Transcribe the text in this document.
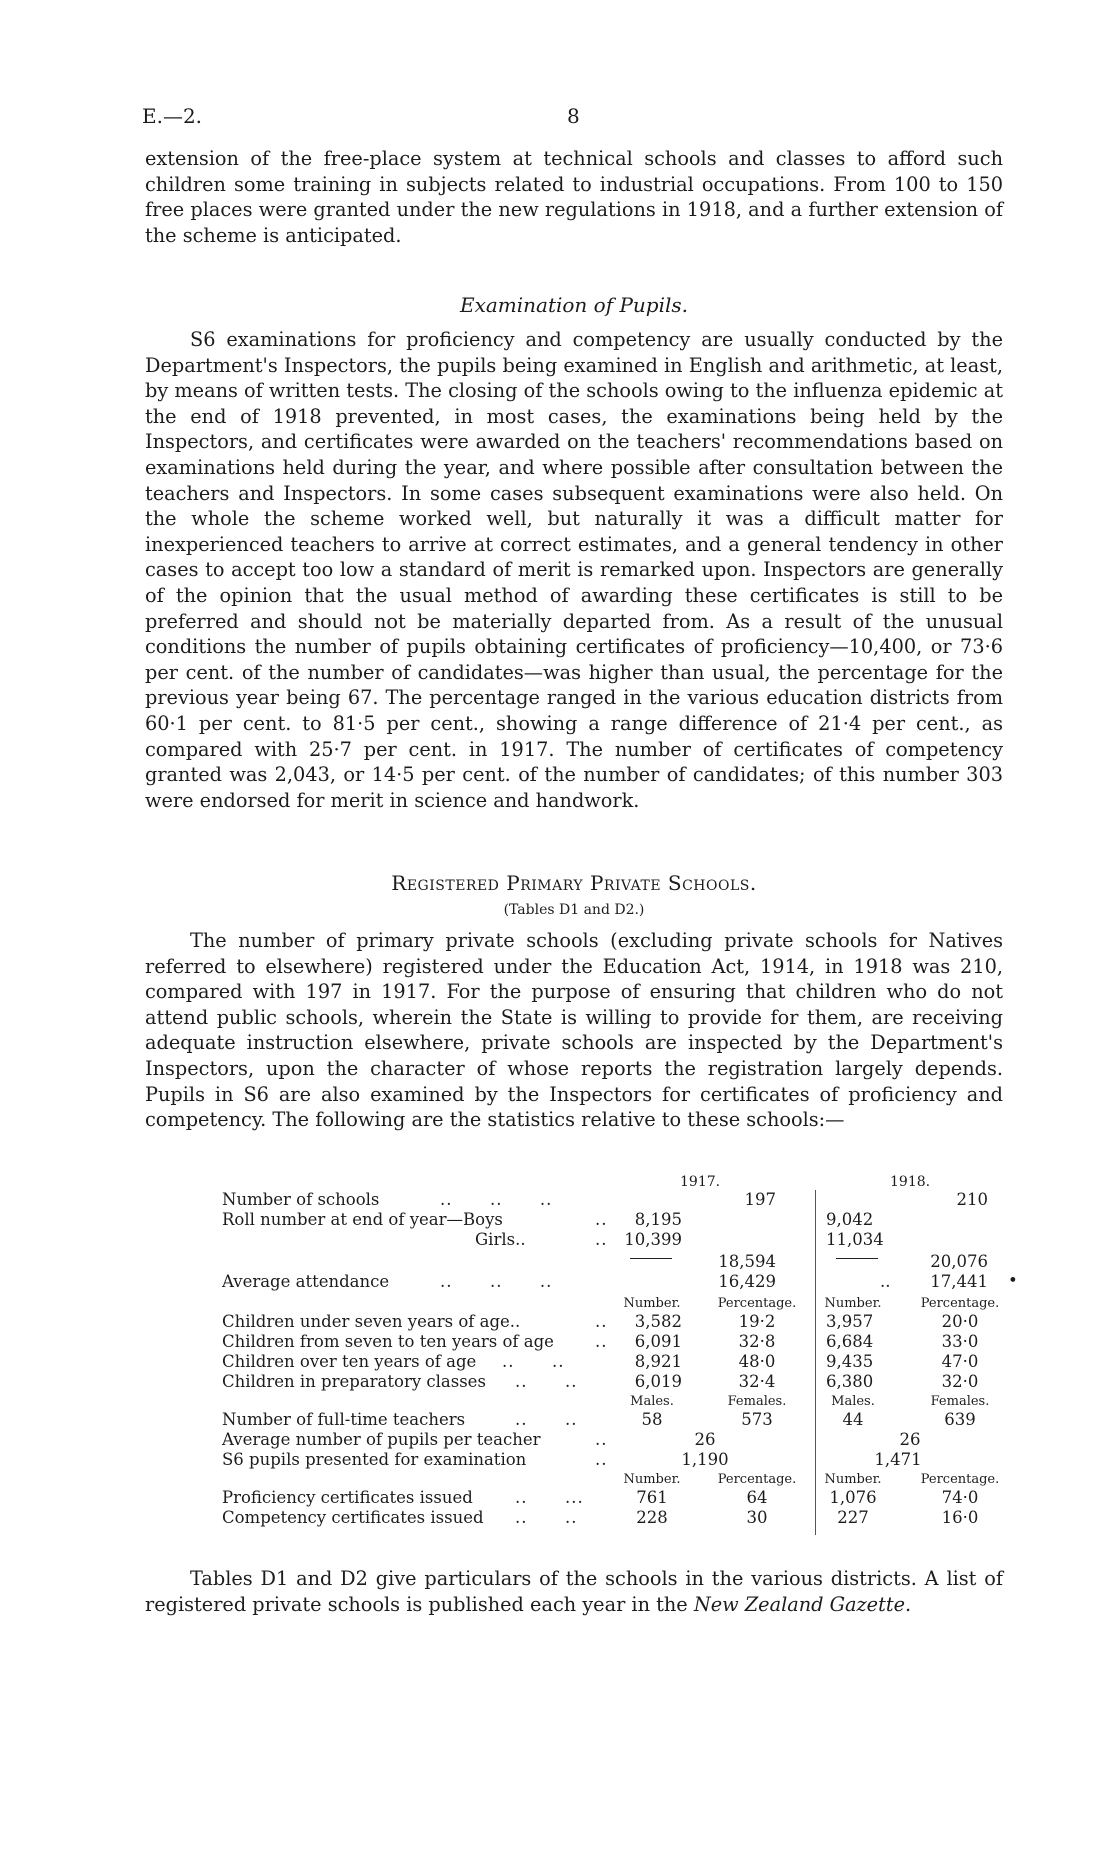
E.—2.	8

extension of the free-place system at technical schools and classes to afford such children some training in subjects related to industrial occupations. From 100 to 150 free places were granted under the new regulations in 1918, and a further extension of the scheme is anticipated.

Examination of Pupils.

S6 examinations for proficiency and competency are usually conducted by the Department's Inspectors, the pupils being examined in English and arithmetic, at least, by means of written tests. The closing of the schools owing to the influenza epidemic at the end of 1918 prevented, in most cases, the examinations being held by the Inspectors, and certificates were awarded on the teachers' recommendations based on examinations held during the year, and where possible after consultation between the teachers and Inspectors. In some cases subsequent examinations were also held. On the whole the scheme worked well, but naturally it was a difficult matter for inexperienced teachers to arrive at correct estimates, and a general tendency in other cases to accept too low a standard of merit is remarked upon. Inspectors are generally of the opinion that the usual method of awarding these certificates is still to be preferred and should not be materially departed from. As a result of the unusual conditions the number of pupils obtaining certificates of proficiency—10,400, or 73·6 per cent. of the number of candidates—was higher than usual, the percentage for the previous year being 67. The percentage ranged in the various education districts from 60·1 per cent. to 81·5 per cent., showing a range difference of 21·4 per cent., as compared with 25·7 per cent. in 1917. The number of certificates of competency granted was 2,043, or 14·5 per cent. of the number of candidates; of this number 303 were endorsed for merit in science and handwork.

Registered Primary Private Schools.
(Tables D1 and D2.)

The number of primary private schools (excluding private schools for Natives referred to elsewhere) registered under the Education Act, 1914, in 1918 was 210, compared with 197 in 1917. For the purpose of ensuring that children who do not attend public schools, wherein the State is willing to provide for them, are receiving adequate instruction elsewhere, private schools are inspected by the Department's Inspectors, upon the character of whose reports the registration largely depends. Pupils in S6 are also examined by the Inspectors for certificates of proficiency and competency. The following are the statistics relative to these schools:—

1917.	1918.
Number of schools	..      ..      ..	197	210
Roll number at end of year—Boys	..	8,195	9,042
Girls..	.. 10,399	11,034
18,594	20,076
Average attendance	..      ..      ..	16,429	..	17,441 •
Number.	Percentage.	Number.	Percentage.
Children under seven years of age..	..	3,582	19·2	3,957	20·0
Children from seven to ten years of age ..	6,091	32·8	6,684	33·0
Children over ten years of age ..      ..	8,921	48·0	9,435	47·0
Children in preparatory classes ..      ..	6,019	32·4	6,380	32·0
Males.	Females.	Males.	Females.
Number of full-time teachers	..      ..	58	573	44	639
Average number of pupils per teacher	..	26	26
S6 pupils presented for examination	..	1,190	1,471
Number.	Percentage.	Number.	Percentage.
Proficiency certificates issued	..      ...	761	64	1,076	74·0
Competency certificates issued ..      ..	228	30	227	16·0

Tables D1 and D2 give particulars of the schools in the various districts. A list of registered private schools is published each year in the New Zealand Gazette.
